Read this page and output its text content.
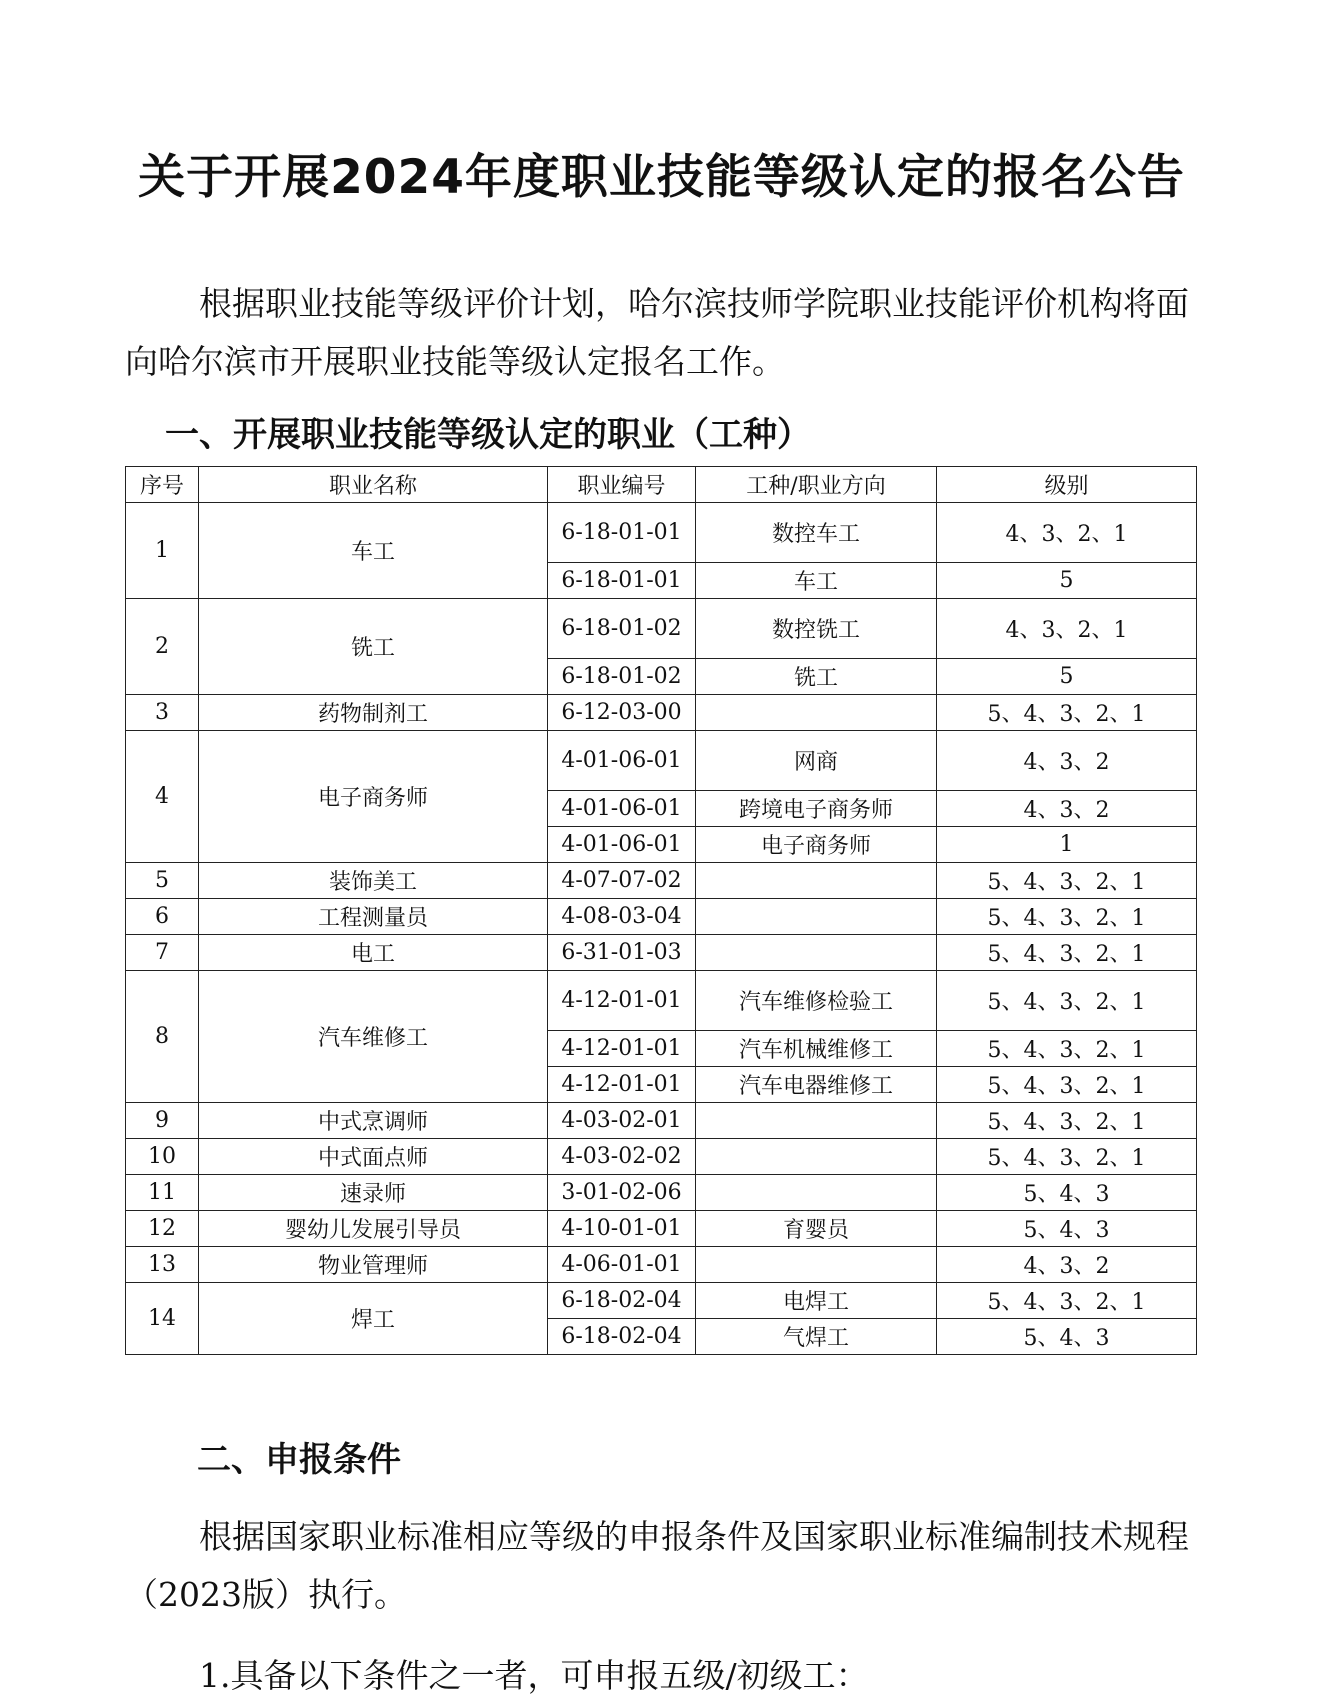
关于开展2024年度职业技能等级认定的报名公告
根据职业技能等级评价计划，哈尔滨技师学院职业技能评价机构将面向哈尔滨市开展职业技能等级认定报名工作。
一、开展职业技能等级认定的职业（工种）
序号	职业名称	职业编号	工种/职业方向	级别
1	车工	6-18-01-01	数控车工	4、3、2、1
		6-18-01-01	车工	5
2	铣工	6-18-01-02	数控铣工	4、3、2、1
		6-18-01-02	铣工	5
3	药物制剂工	6-12-03-00		5、4、3、2、1
4	电子商务师	4-01-06-01	网商	4、3、2
		4-01-06-01	跨境电子商务师	4、3、2
		4-01-06-01	电子商务师	1
5	装饰美工	4-07-07-02		5、4、3、2、1
6	工程测量员	4-08-03-04		5、4、3、2、1
7	电工	6-31-01-03		5、4、3、2、1
8	汽车维修工	4-12-01-01	汽车维修检验工	5、4、3、2、1
		4-12-01-01	汽车机械维修工	5、4、3、2、1
		4-12-01-01	汽车电器维修工	5、4、3、2、1
9	中式烹调师	4-03-02-01		5、4、3、2、1
10	中式面点师	4-03-02-02		5、4、3、2、1
11	速录师	3-01-02-06		5、4、3
12	婴幼儿发展引导员	4-10-01-01	育婴员	5、4、3
13	物业管理师	4-06-01-01		4、3、2
14	焊工	6-18-02-04	电焊工	5、4、3、2、1
		6-18-02-04	气焊工	5、4、3
二、申报条件
根据国家职业标准相应等级的申报条件及国家职业标准编制技术规程（2023版）执行。
1.具备以下条件之一者，可申报五级/初级工：
